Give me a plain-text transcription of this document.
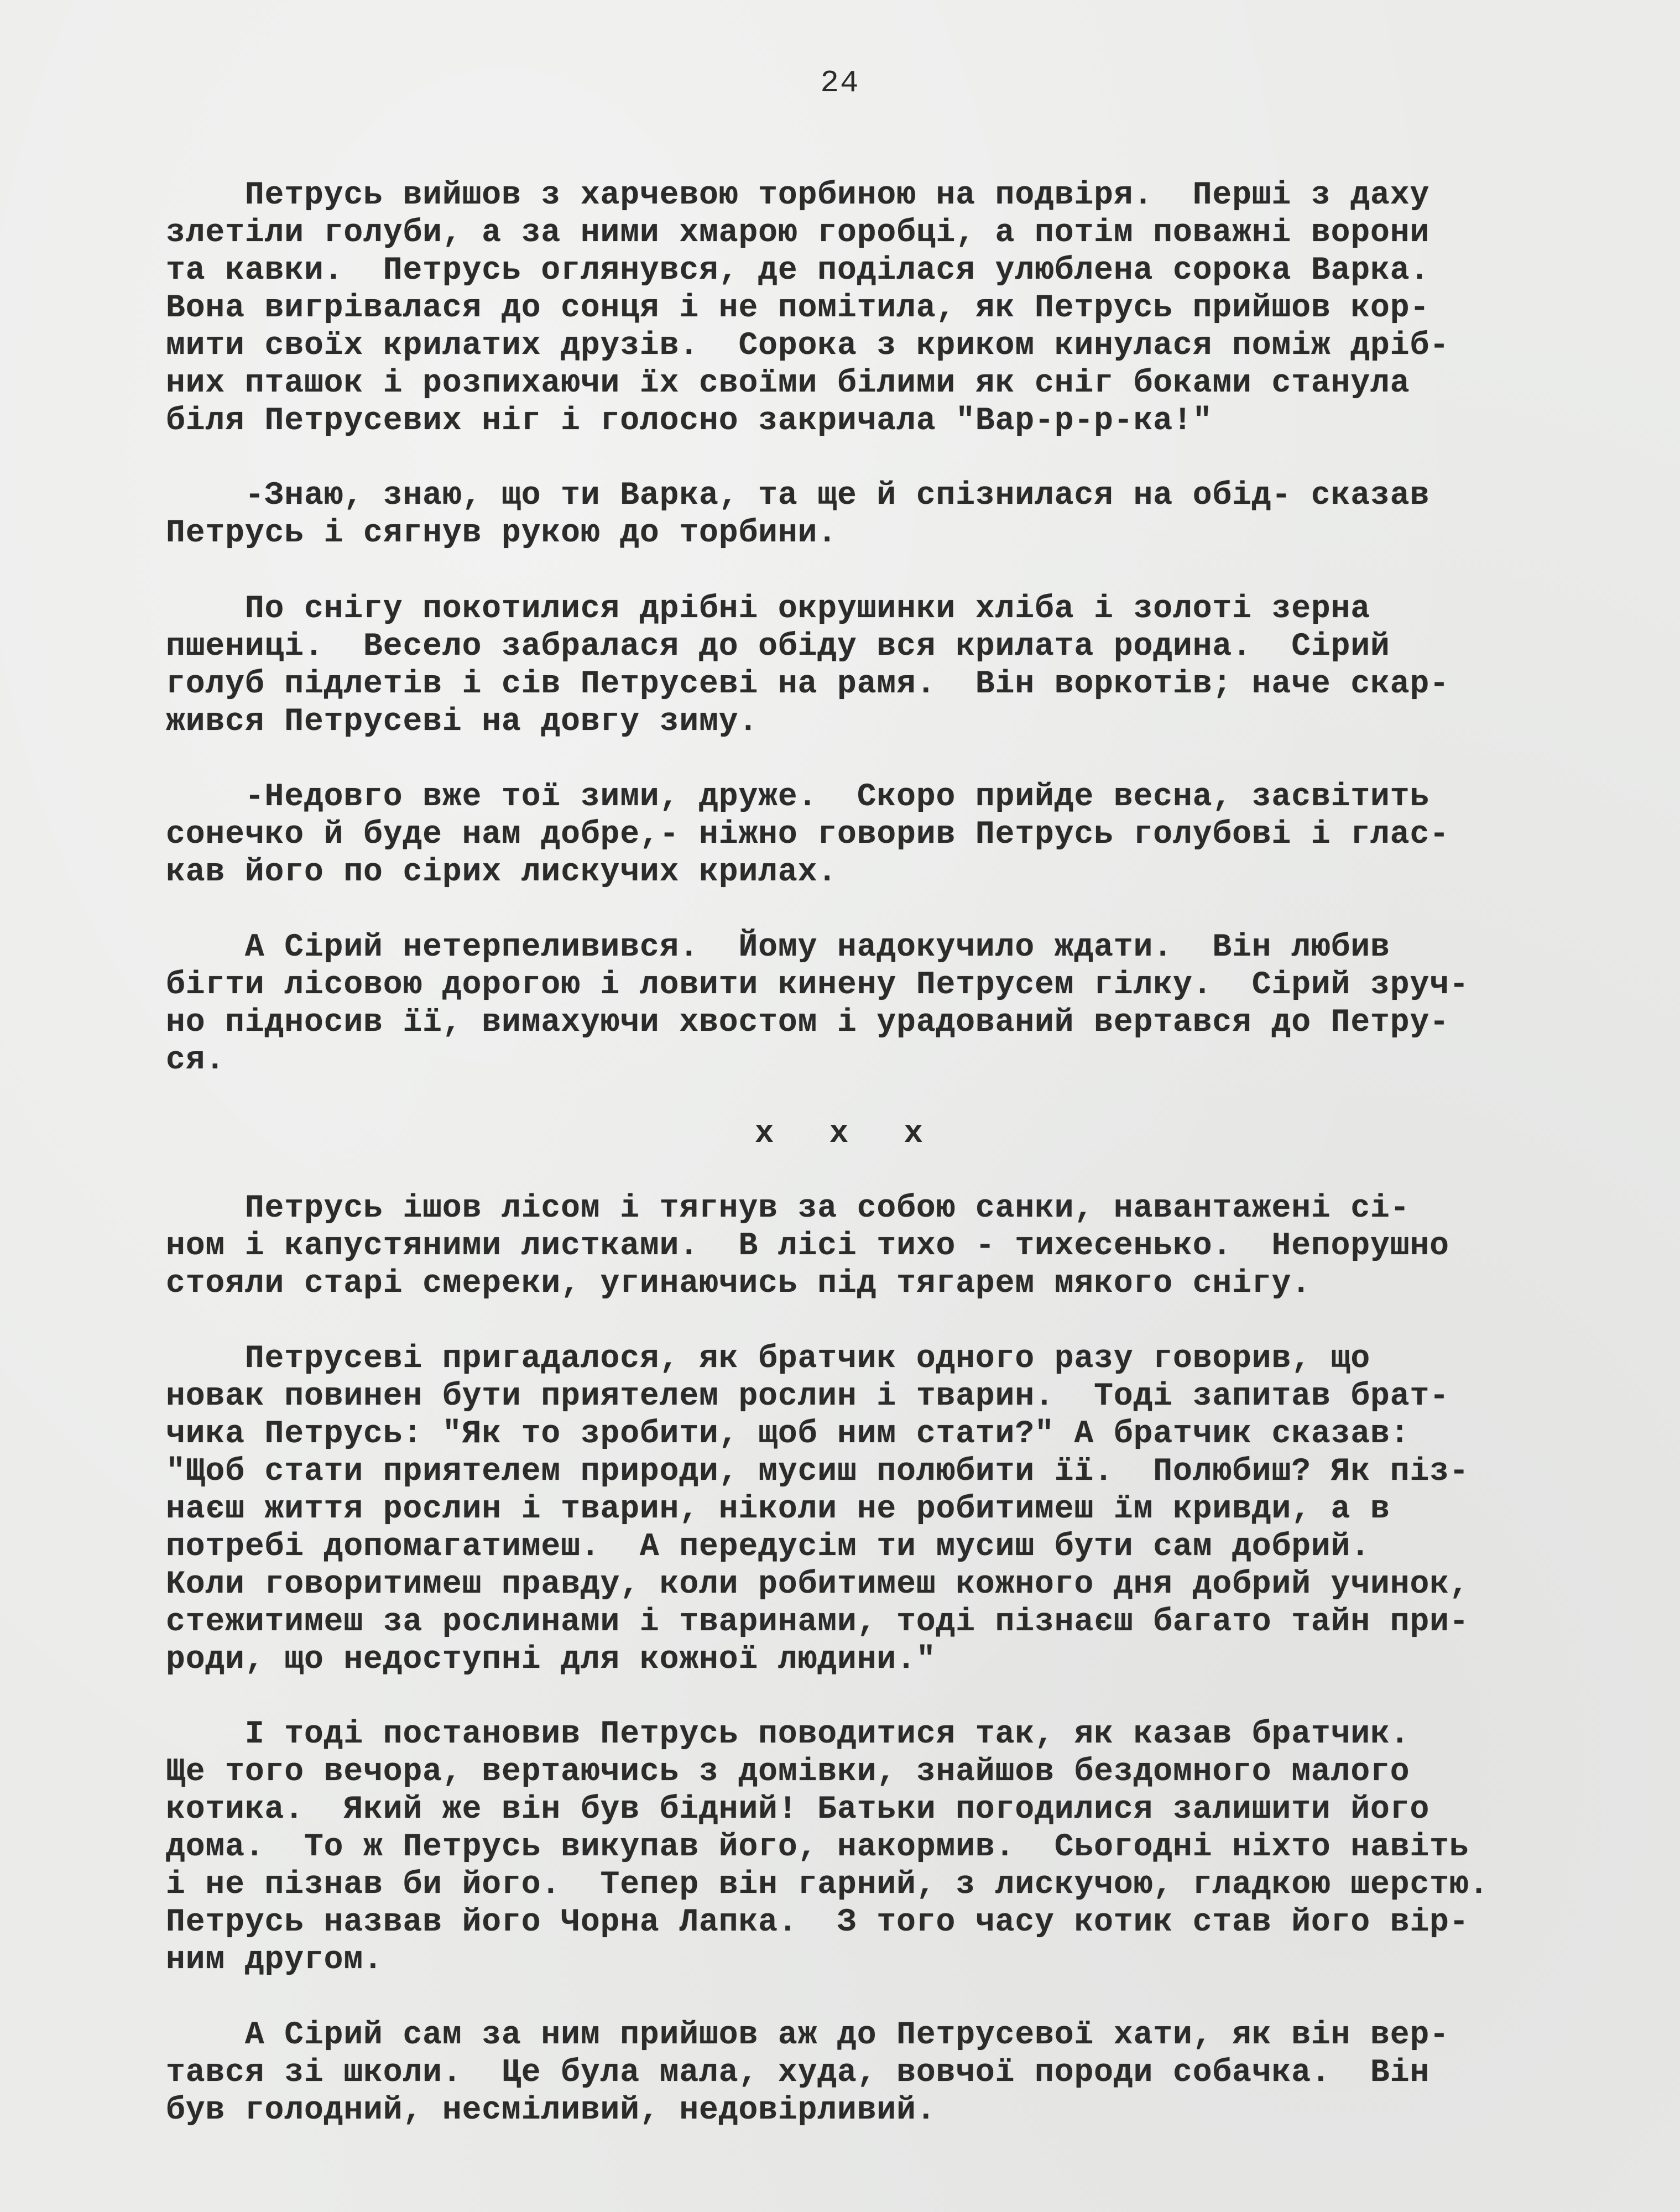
24
Петрусь вийшов з харчевою торбиною на подвіря.  Перші з даху
злетіли голуби, а за ними хмарою горобці, а потім поважні ворони
та кавки.  Петрусь оглянувся, де поділася улюблена сорока Варка.
Вона вигрівалася до сонця і не помітила, як Петрусь прийшов кор-
мити своїх крилатих друзів.  Сорока з криком кинулася поміж дріб-
них пташок і розпихаючи їх своїми білими як сніг боками станула
біля Петрусевих ніг і голосно закричала "Вар-р-р-ка!"
-Знаю, знаю, що ти Варка, та ще й спізнилася на обід- сказав
Петрусь і сягнув рукою до торбини.
По снігу покотилися дрібні окрушинки хліба і золоті зерна
пшениці.  Весело забралася до обіду вся крилата родина.  Сірий
голуб підлетів і сів Петрусеві на рамя.  Він воркотів; наче скар-
жився Петрусеві на довгу зиму.
-Недовго вже тої зими, друже.  Скоро прийде весна, засвітить
сонечко й буде нам добре,- ніжно говорив Петрусь голубові і глас-
кав його по сірих лискучих крилах.
А Сірий нетерпеливився.  Йому надокучило ждати.  Він любив
бігти лісовою дорогою і ловити кинену Петрусем гілку.  Сірий зруч-
но підносив її, вимахуючи хвостом і урадований вертався до Петру-
ся.
x x x
Петрусь ішов лісом і тягнув за собою санки, навантажені сі-
ном і капустяними листками.  В лісі тихо - тихесенько.  Непорушно
стояли старі смереки, угинаючись під тягарем мякого снігу.
Петрусеві пригадалося, як братчик одного разу говорив, що
новак повинен бути приятелем рослин і тварин.  Тоді запитав брат-
чика Петрусь: "Як то зробити, щоб ним стати?" А братчик сказав:
"Щоб стати приятелем природи, мусиш полюбити її.  Полюбиш? Як піз-
наєш життя рослин і тварин, ніколи не робитимеш їм кривди, а в
потребі допомагатимеш.  А передусім ти мусиш бути сам добрий.
Коли говоритимеш правду, коли робитимеш кожного дня добрий учинок,
стежитимеш за рослинами і тваринами, тоді пізнаєш багато тайн при-
роди, що недоступні для кожної людини."
І тоді постановив Петрусь поводитися так, як казав братчик.
Ще того вечора, вертаючись з домівки, знайшов бездомного малого
котика.  Який же він був бідний! Батьки погодилися залишити його
дома.  То ж Петрусь викупав його, накормив.  Сьогодні ніхто навіть
і не пізнав би його.  Тепер він гарний, з лискучою, гладкою шерстю.
Петрусь назвав його Чорна Лапка.  З того часу котик став його вір-
ним другом.
А Сірий сам за ним прийшов аж до Петрусевої хати, як він вер-
тався зі школи.  Це була мала, худа, вовчої породи собачка.  Він
був голодний, несміливий, недовірливий.
